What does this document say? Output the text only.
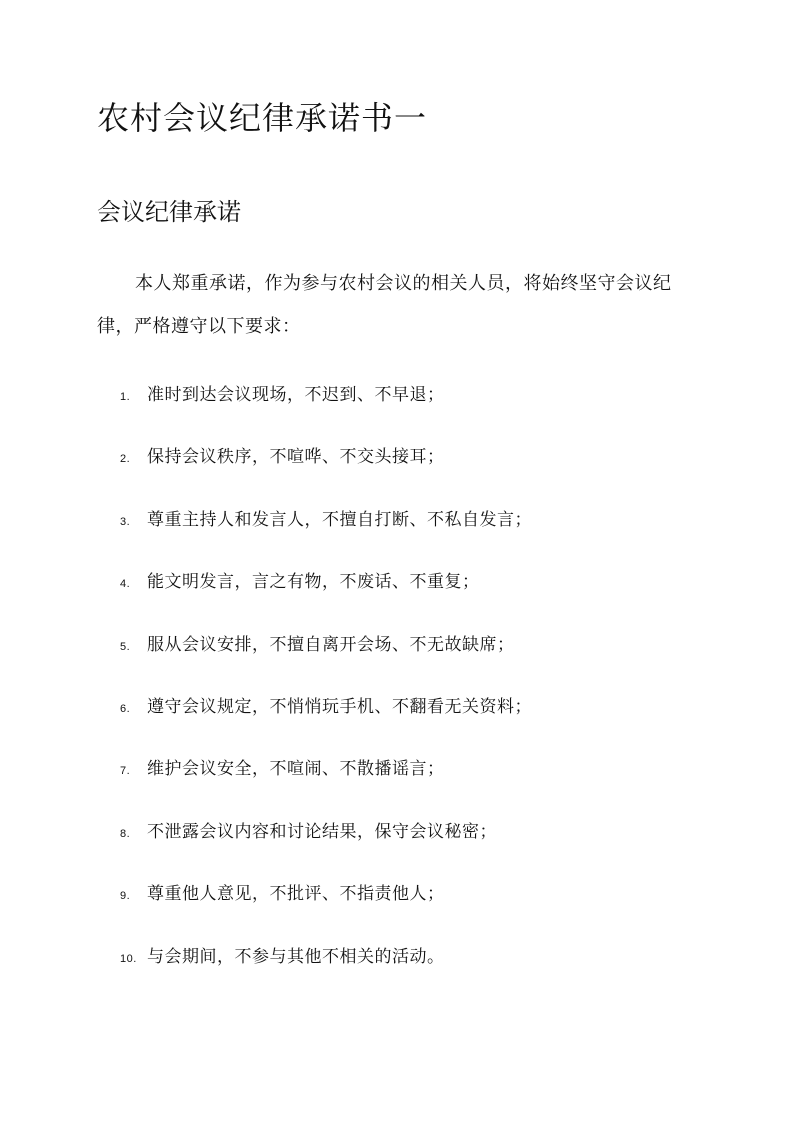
农村会议纪律承诺书一
会议纪律承诺

本人郑重承诺，作为参与农村会议的相关人员，将始终坚守会议纪律，严格遵守以下要求：

1. 准时到达会议现场，不迟到、不早退；
2. 保持会议秩序，不喧哗、不交头接耳；
3. 尊重主持人和发言人，不擅自打断、不私自发言；
4. 能文明发言，言之有物，不废话、不重复；
5. 服从会议安排，不擅自离开会场、不无故缺席；
6. 遵守会议规定，不悄悄玩手机、不翻看无关资料；
7. 维护会议安全，不喧闹、不散播谣言；
8. 不泄露会议内容和讨论结果，保守会议秘密；
9. 尊重他人意见，不批评、不指责他人；
10. 与会期间，不参与其他不相关的活动。
